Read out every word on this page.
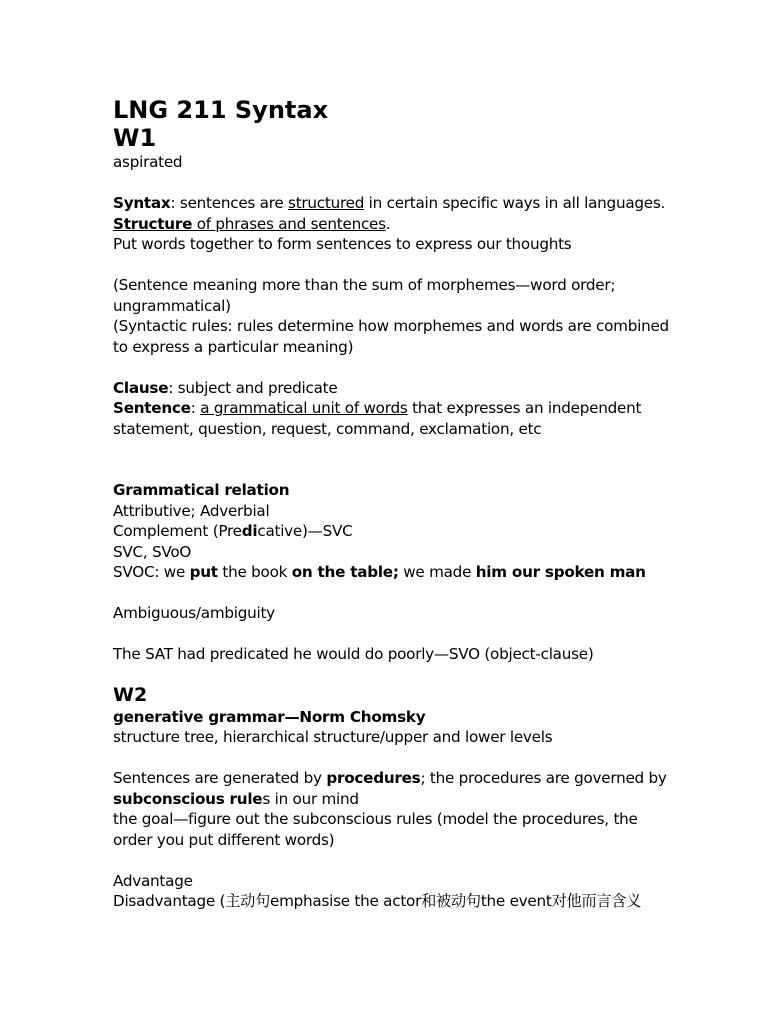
LNG 211 Syntax
W1
aspirated
Syntax: sentences are structured in certain specific ways in all languages.
Structure of phrases and sentences.
Put words together to form sentences to express our thoughts
(Sentence meaning more than the sum of morphemes—word order;
ungrammatical)
(Syntactic rules: rules determine how morphemes and words are combined
to express a particular meaning)
Clause: subject and predicate
Sentence: a grammatical unit of words that expresses an independent
statement, question, request, command, exclamation, etc
Grammatical relation
Attributive; Adverbial
Complement (Predicative)—SVC
SVC, SVoO
SVOC: we put the book on the table; we made him our spoken man
Ambiguous/ambiguity
The SAT had predicated he would do poorly—SVO (object-clause)
W2
generative grammar—Norm Chomsky
structure tree, hierarchical structure/upper and lower levels
Sentences are generated by procedures; the procedures are governed by
subconscious rules in our mind
the goal—figure out the subconscious rules (model the procedures, the
order you put different words)
Advantage
Disadvantage (主动句emphasise the actor和被动句the event对他而言含义
